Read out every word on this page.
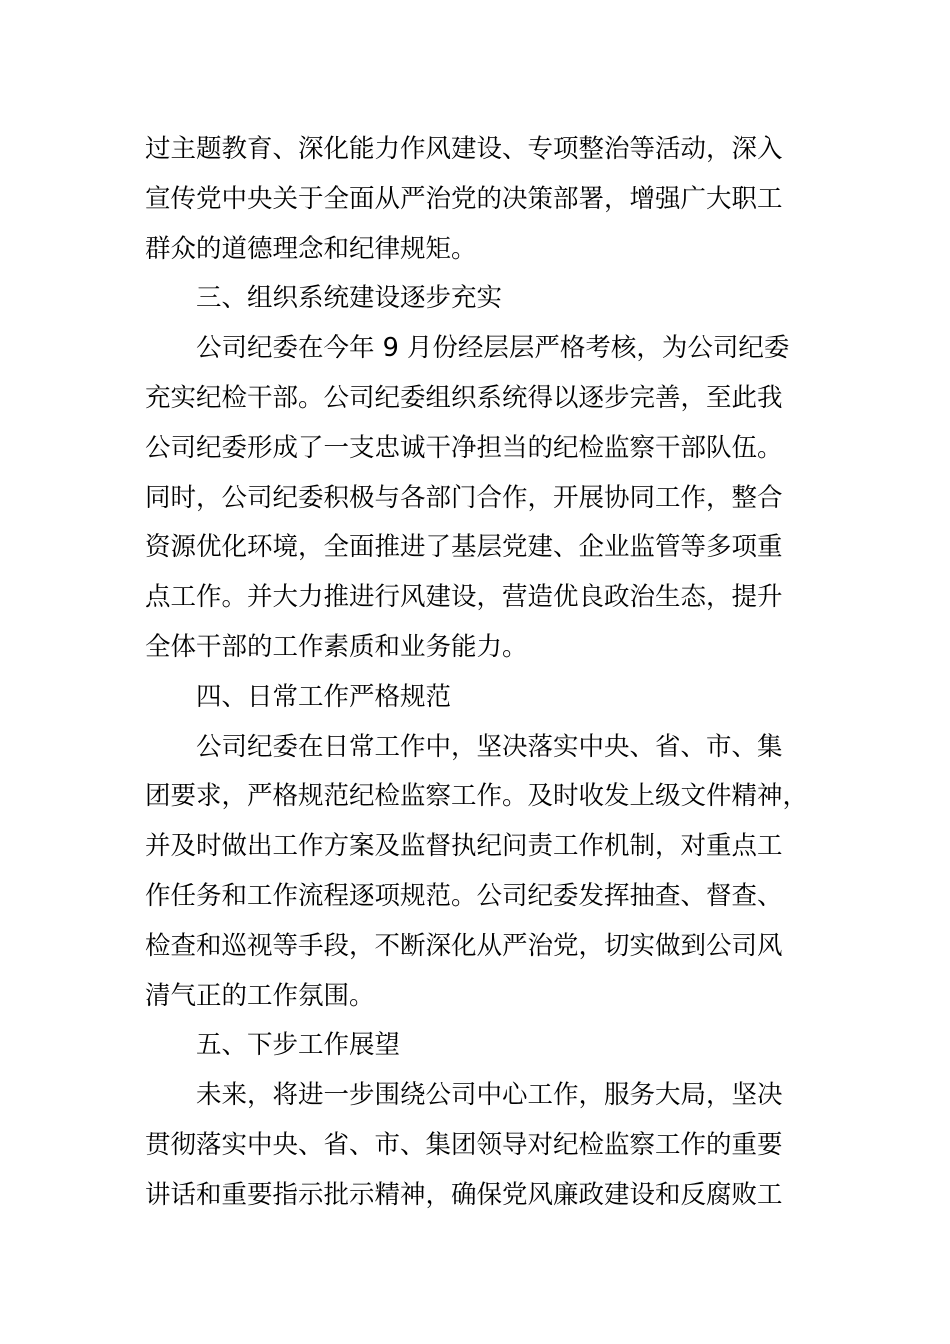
过主题教育、深化能力作风建设、专项整治等活动，深入
宣传党中央关于全面从严治党的决策部署，增强广大职工
群众的道德理念和纪律规矩。
三、组织系统建设逐步充实
公司纪委在今年 9 月份经层层严格考核，为公司纪委
充实纪检干部。公司纪委组织系统得以逐步完善，至此我
公司纪委形成了一支忠诚干净担当的纪检监察干部队伍。
同时，公司纪委积极与各部门合作，开展协同工作，整合
资源优化环境，全面推进了基层党建、企业监管等多项重
点工作。并大力推进行风建设，营造优良政治生态，提升
全体干部的工作素质和业务能力。
四、日常工作严格规范
公司纪委在日常工作中，坚决落实中央、省、市、集
团要求，严格规范纪检监察工作。及时收发上级文件精神，
并及时做出工作方案及监督执纪问责工作机制，对重点工
作任务和工作流程逐项规范。公司纪委发挥抽查、督查、
检查和巡视等手段，不断深化从严治党，切实做到公司风
清气正的工作氛围。
五、下步工作展望
未来，将进一步围绕公司中心工作，服务大局，坚决
贯彻落实中央、省、市、集团领导对纪检监察工作的重要
讲话和重要指示批示精神，确保党风廉政建设和反腐败工
